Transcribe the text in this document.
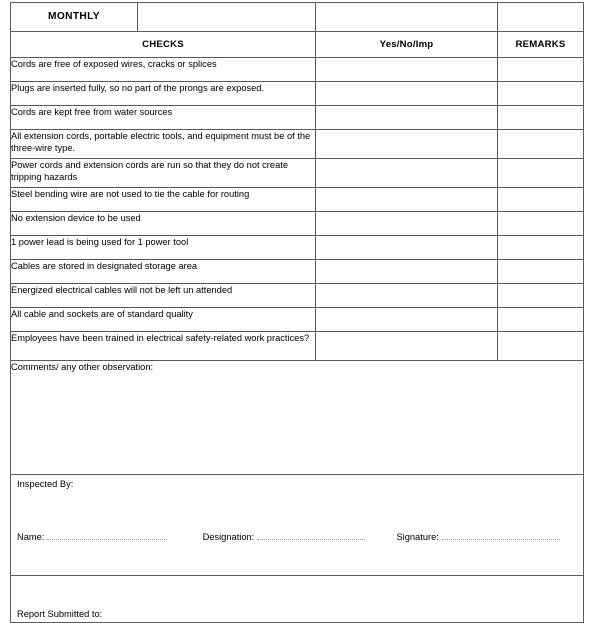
MONTHLY			

CHECKS		Yes/No/Imp	REMARKS

Cords are free of exposed wires, cracks or splices			
Plugs are inserted fully, so no part of the prongs are exposed.			
Cords are kept free from water sources			
All extension cords, portable electric tools, and equipment must be of the three-wire type.			
Power cords and extension cords are run so that they do not create tripping hazards			
Steel bending wire are not used to tie the cable for routing			
No extension device to be used			
1 power lead is being used for 1 power tool			
Cables are stored in designated storage area			
Energized electrical cables will not be left un attended			
All cable and sockets are of standard quality			
Employees have been trained in electrical safety-related work practices?			

Comments/ any other observation:			

Inspected By:
Name: Designation: Signature:			

Report Submitted to:			
